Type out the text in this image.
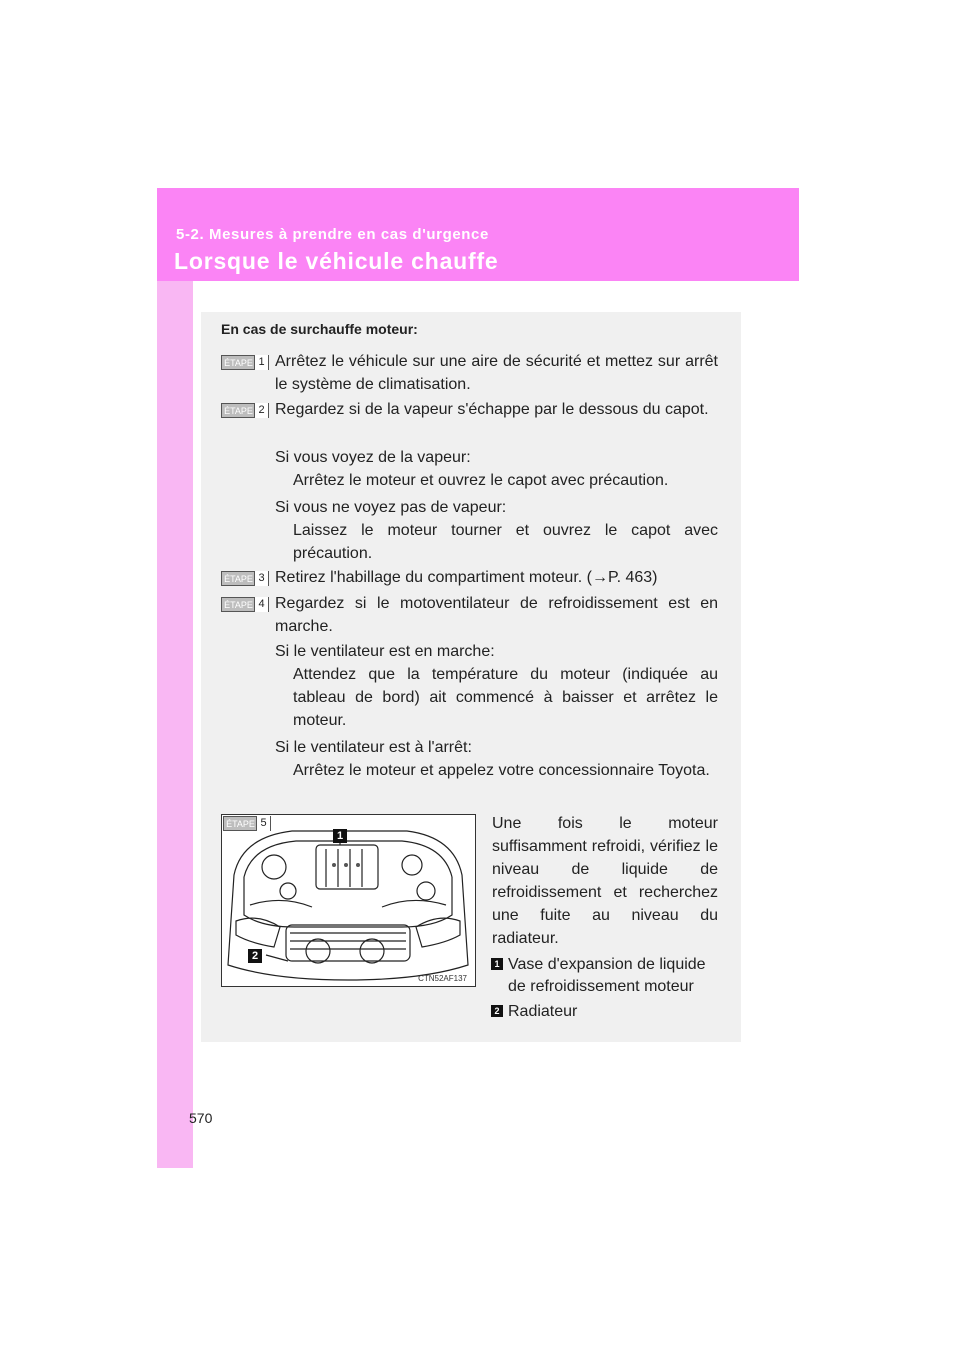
5-2. Mesures à prendre en cas d'urgence
Lorsque le véhicule chauffe
En cas de surchauffe moteur:
ÉTAPE 1 Arrêtez le véhicule sur une aire de sécurité et mettez sur arrêt le système de climatisation.
ÉTAPE 2 Regardez si de la vapeur s'échappe par le dessous du capot.
Si vous voyez de la vapeur:
Arrêtez le moteur et ouvrez le capot avec précaution.
Si vous ne voyez pas de vapeur:
Laissez le moteur tourner et ouvrez le capot avec précaution.
ÉTAPE 3 Retirez l'habillage du compartiment moteur. (→P. 463)
ÉTAPE 4 Regardez si le motoventilateur de refroidissement est en marche.
Si le ventilateur est en marche:
Attendez que la température du moteur (indiquée au tableau de bord) ait commencé à baisser et arrêtez le moteur.
Si le ventilateur est à l'arrêt:
Arrêtez le moteur et appelez votre concessionnaire Toyota.
ÉTAPE 5
1
2
CTN52AF137
Une fois le moteur suffisamment refroidi, vérifiez le niveau de liquide de refroidissement et recherchez une fuite au niveau du radiateur.
1 Vase d'expansion de liquide de refroidissement moteur
2 Radiateur
570
